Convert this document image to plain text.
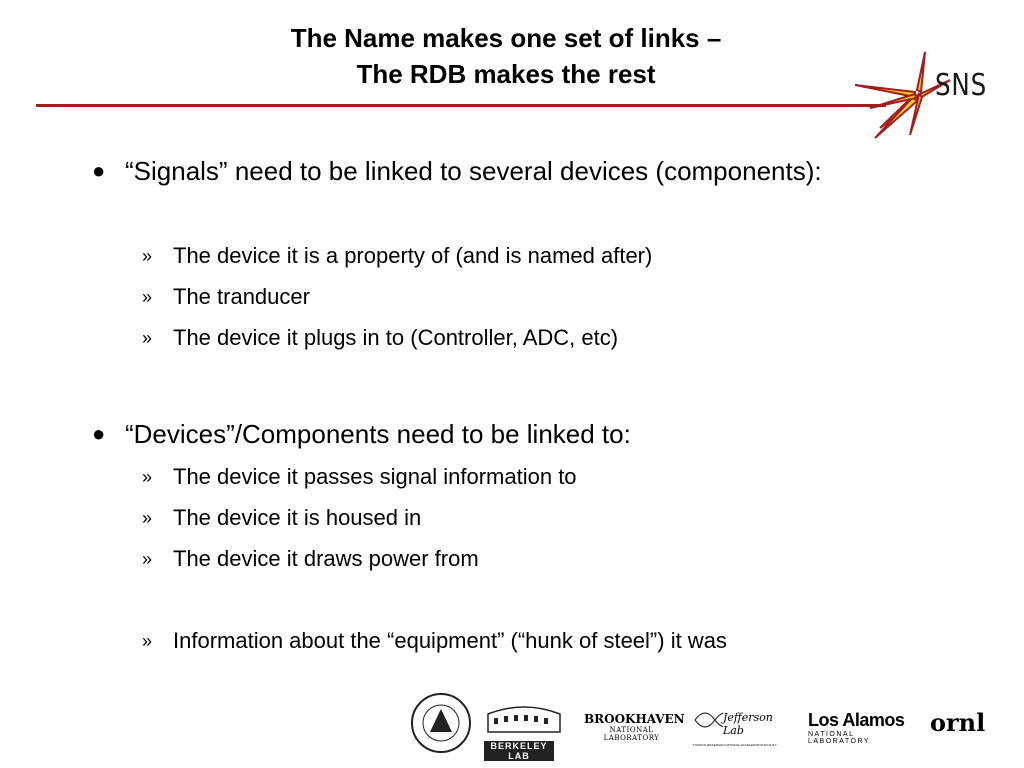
The Name makes one set of links –
The RDB makes the rest	SNS
● “Signals” need to be linked to several devices (components):
» The device it is a property of (and is named after)
» The tranducer
» The device it plugs in to (Controller, ADC, etc)
● “Devices”/Components need to be linked to:
» The device it passes signal information to
» The device it is housed in
» The device it draws power from
» Information about the “equipment” (“hunk of steel”) it was
BERKELEY LAB
BROOKHAVEN
NATIONAL LABORATORY
Jefferson Lab
THOMAS JEFFERSON NATIONAL ACCELERATOR FACILITY
Los Alamos
NATIONAL LABORATORY
ornl
